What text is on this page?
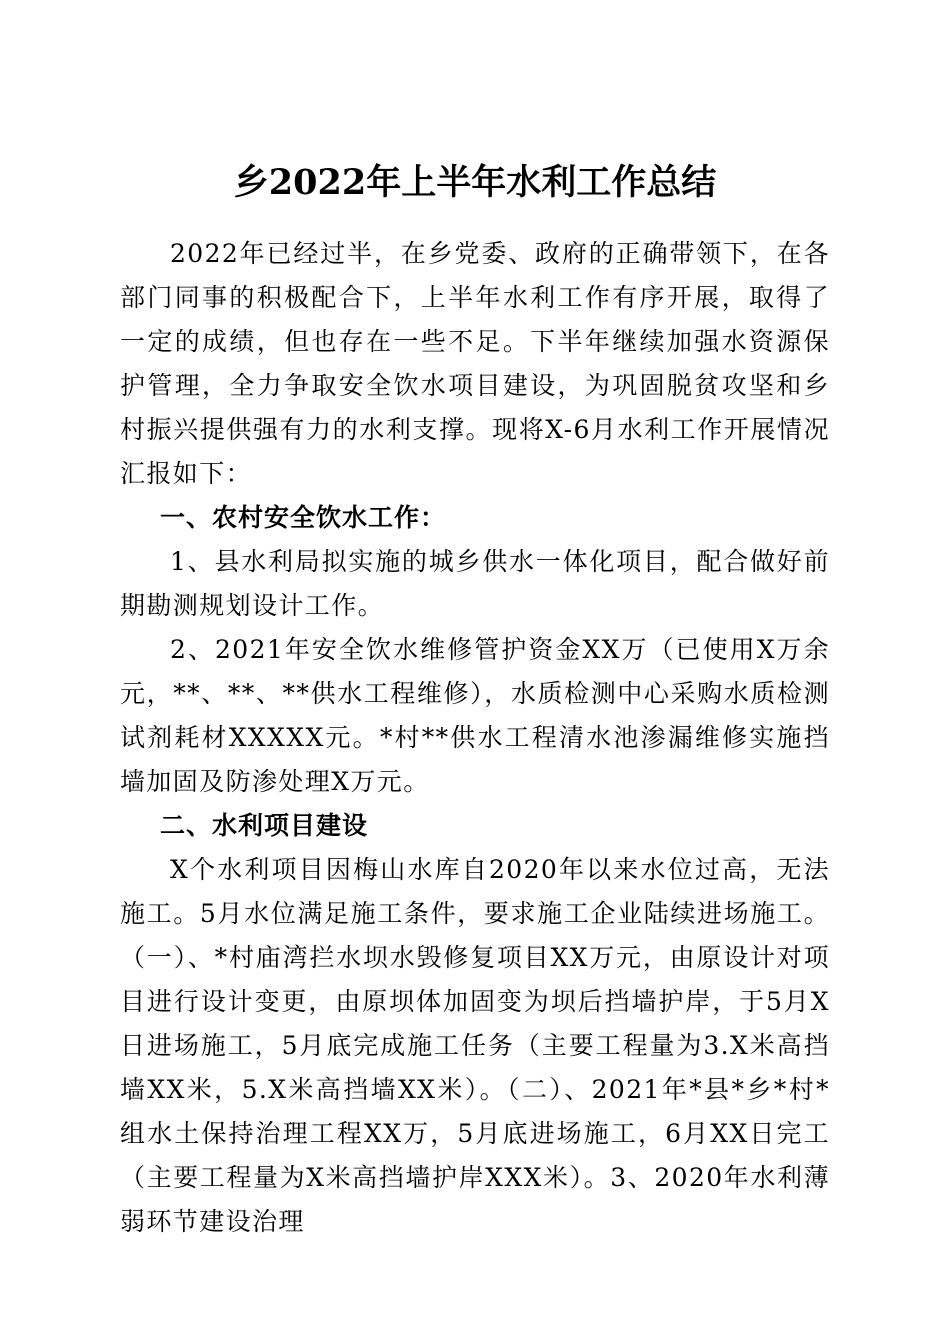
乡2022年上半年水利工作总结

2022年已经过半，在乡党委、政府的正确带领下，在各部门同事的积极配合下，上半年水利工作有序开展，取得了一定的成绩，但也存在一些不足。下半年继续加强水资源保护管理，全力争取安全饮水项目建设，为巩固脱贫攻坚和乡村振兴提供强有力的水利支撑。现将X-6月水利工作开展情况汇报如下：

一、农村安全饮水工作：

1、县水利局拟实施的城乡供水一体化项目，配合做好前期勘测规划设计工作。

2、2021年安全饮水维修管护资金XX万（已使用X万余元，**、**、**供水工程维修），水质检测中心采购水质检测试剂耗材XXXXX元。*村**供水工程清水池渗漏维修实施挡墙加固及防渗处理X万元。

二、水利项目建设

X个水利项目因梅山水库自2020年以来水位过高，无法施工。5月水位满足施工条件，要求施工企业陆续进场施工。（一）、*村庙湾拦水坝水毁修复项目XX万元，由原设计对项目进行设计变更，由原坝体加固变为坝后挡墙护岸，于5月X日进场施工，5月底完成施工任务（主要工程量为3.X米高挡墙XX米，5.X米高挡墙XX米）。（二）、2021年*县*乡*村*组水土保持治理工程XX万，5月底进场施工，6月XX日完工（主要工程量为X米高挡墙护岸XXX米）。3、2020年水利薄弱环节建设治理
